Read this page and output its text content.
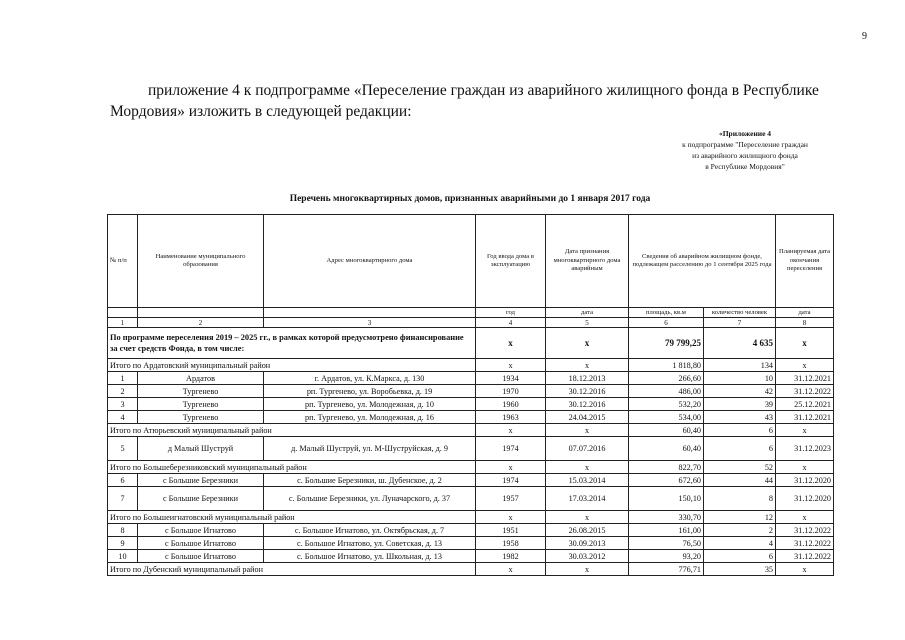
9
приложение 4 к подпрограмме «Переселение граждан из аварийного жилищного фонда в Республике Мордовия» изложить в следующей редакции:
«Приложение 4
к подпрограмме "Переселение граждан
из аварийного жилищного фонда
в Республике Мордовия"
Перечень многоквартирных домов, признанных аварийными до 1 января 2017 года
№ п/п	Наименование муниципального образования	Адрес многоквартирного дома	Год ввода дома в эксплуатацию	Дата признания многоквартирного дома аварийным	Сведения об аварийном жилищном фонде, подлежащем расселению до 1 сентября 2025 года		Планируемая дата окончания переселения
			год	дата	площадь, кв.м	количество человек	дата
1	2	3	4	5	6	7	8
По программе переселения 2019 – 2025 гг., в рамках которой предусмотрено финансирование за счет средств Фонда, в том числе:			x	x	79 799,25	4 635	x
Итого по Ардатовский муниципальный район			x	x	1 818,80	134	x
1	Ардатов	г. Ардатов, ул. К.Маркса, д. 130	1934	18.12.2013	266,60	10	31.12.2021
2	Тургенево	рп. Тургенево, ул. Воробьевка, д. 19	1970	30.12.2016	486,00	42	31.12.2022
3	Тургенево	рп. Тургенево, ул. Молодежная, д. 10	1960	30.12.2016	532,20	39	25.12.2021
4	Тургенево	рп. Тургенево, ул. Молодежная, д. 16	1963	24.04.2015	534,00	43	31.12.2021
Итого по Атюрьевский муниципальный район			x	x	60,40	6	x
5	д Малый Шуструй	д. Малый Шуструй, ул. М-Шуструйская, д. 9	1974	07.07.2016	60,40	6	31.12.2023
Итого по Большеберезниковский муниципальный район			x	x	822,70	52	x
6	с Большие Березники	с. Большие Березники, ш. Дубенское, д. 2	1974	15.03.2014	672,60	44	31.12.2020
7	с Большие Березники	с. Большие Березники, ул. Луначарского, д. 37	1957	17.03.2014	150,10	8	31.12.2020
Итого по Большеигнатовский муниципальный район			x	x	330,70	12	x
8	с Большое Игнатово	с. Большое Игнатово, ул. Октябрьская, д. 7	1951	26.08.2015	161,00	2	31.12.2022
9	с Большое Игнатово	с. Большое Игнатово, ул. Советская, д. 13	1958	30.09.2013	76,50	4	31.12.2022
10	с Большое Игнатово	с. Большое Игнатово, ул. Школьная, д. 13	1982	30.03.2012	93,20	6	31.12.2022
Итого по Дубенский муниципальный район			x	x	776,71	35	x
